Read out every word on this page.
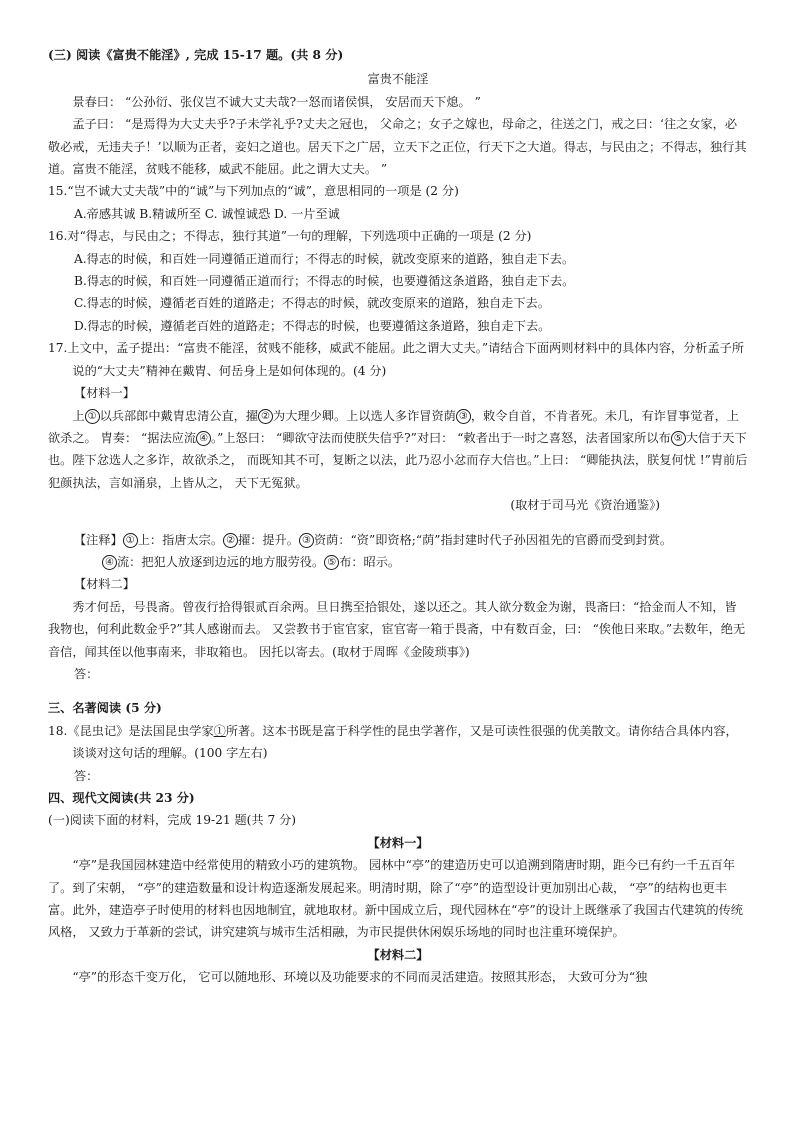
(三) 阅读《富贵不能淫》, 完成 15-17 题。(共 8 分)

富贵不能淫

景春曰： “公孙衍、张仪岂不诚大丈夫哉?一怒而诸侯惧， 安居而天下熄。 ”

孟子曰： “是焉得为大丈夫乎?子未学礼乎?丈夫之冠也， 父命之；女子之嫁也，母命之，往送之门，戒之曰：‘往之女家，必敬必戒，无违夫子！’以顺为正者，妾妇之道也。居天下之广居，立天下之正位，行天下之大道。得志，与民由之；不得志，独行其道。富贵不能淫，贫贱不能移，威武不能屈。此之谓大丈夫。 ”

15.“岂不诚大丈夫哉”中的“诚”与下列加点的“诚”，意思相同的一项是 (2 分)

A.帝感其诚 B.精诚所至 C. 诚惶诚恐 D. 一片至诚

16.对“得志，与民由之；不得志，独行其道”一句的理解，下列选项中正确的一项是 (2 分)

A.得志的时候，和百姓一同遵循正道而行；不得志的时候，就改变原来的道路，独自走下去。

B.得志的时候，和百姓一同遵循正道而行；不得志的时候，也要遵循这条道路，独自走下去。

C.得志的时候，遵循老百姓的道路走；不得志的时候，就改变原来的道路，独自走下去。

D.得志的时候，遵循老百姓的道路走；不得志的时候，也要遵循这条道路，独自走下去。

17.上文中，孟子提出：“富贵不能淫，贫贱不能移，威武不能屈。此之谓大丈夫。”请结合下面两则材料中的具体内容，分析孟子所说的“大丈夫”精神在戴胄、何岳身上是如何体现的。(4 分)

【材料一】

上 ① 以兵部郎中戴胄忠清公直，擢 ② 为大理少卿。上以选人多诈冒资荫 ③ ，敕令自首，不肯者死。未几，有诈冒事觉者，上欲杀之。 胄奏： “据法应流 ④ 。”上怒曰： “卿欲守法而使朕失信乎?”对曰： “敕者出于一时之喜怒，法者国家所以布 ⑤ 大信于天下也。陛下忿选人之多诈，故欲杀之， 而既知其不可，复断之以法，此乃忍小忿而存大信也。”上曰： “卿能执法，朕复何忧 !”胄前后犯颜执法，言如涌泉，上皆从之， 天下无冤狱。

(取材于司马光《资治通鉴》)

【注释】 ① 上：指唐太宗。 ② 擢：提升。 ③ 资荫：“资”即资格;“荫”指封建时代子孙因祖先的官爵而受到封赏。

④ 流：把犯人放逐到边远的地方服劳役。 ⑤ 布：昭示。

【材料二】

秀才何岳，号畏斋。曾夜行拾得银贰百余两。旦日携至拾银处，遂以还之。其人欲分数金为谢，畏斋曰：“拾金而人不知，皆我物也，何利此数金乎?”其人感谢而去。 又尝教书于宦官家，宦官寄一箱于畏斋，中有数百金，曰： “俟他日来取。”去数年，绝无音信，闻其侄以他事南来，非取箱也。 因托以寄去。(取材于周晖《金陵琐事》)

答：

三、名著阅读 (5 分)

18.《昆虫记》是法国昆虫学家①所著。这本书既是富于科学性的昆虫学著作，又是可读性很强的优美散文。请你结合具体内容，谈谈对这句话的理解。(100 字左右)

答：

四、现代文阅读(共 23 分)

(一)阅读下面的材料，完成 19-21 题(共 7 分)

【材料一】

“亭”是我国园林建造中经常使用的精致小巧的建筑物。 园林中“亭”的建造历史可以追溯到隋唐时期，距今已有约一千五百年了。到了宋朝， “亭”的建造数量和设计构造逐渐发展起来。明清时期，除了“亭”的造型设计更加别出心裁， “亭”的结构也更丰富。此外，建造亭子时使用的材料也因地制宜，就地取材。新中国成立后，现代园林在“亭”的设计上既继承了我国古代建筑的传统风格， 又致力于革新的尝试，讲究建筑与城市生活相融，为市民提供休闲娱乐场地的同时也注重环境保护。

【材料二】

“亭”的形态千变万化， 它可以随地形、环境以及功能要求的不同而灵活建造。按照其形态， 大致可分为“独
